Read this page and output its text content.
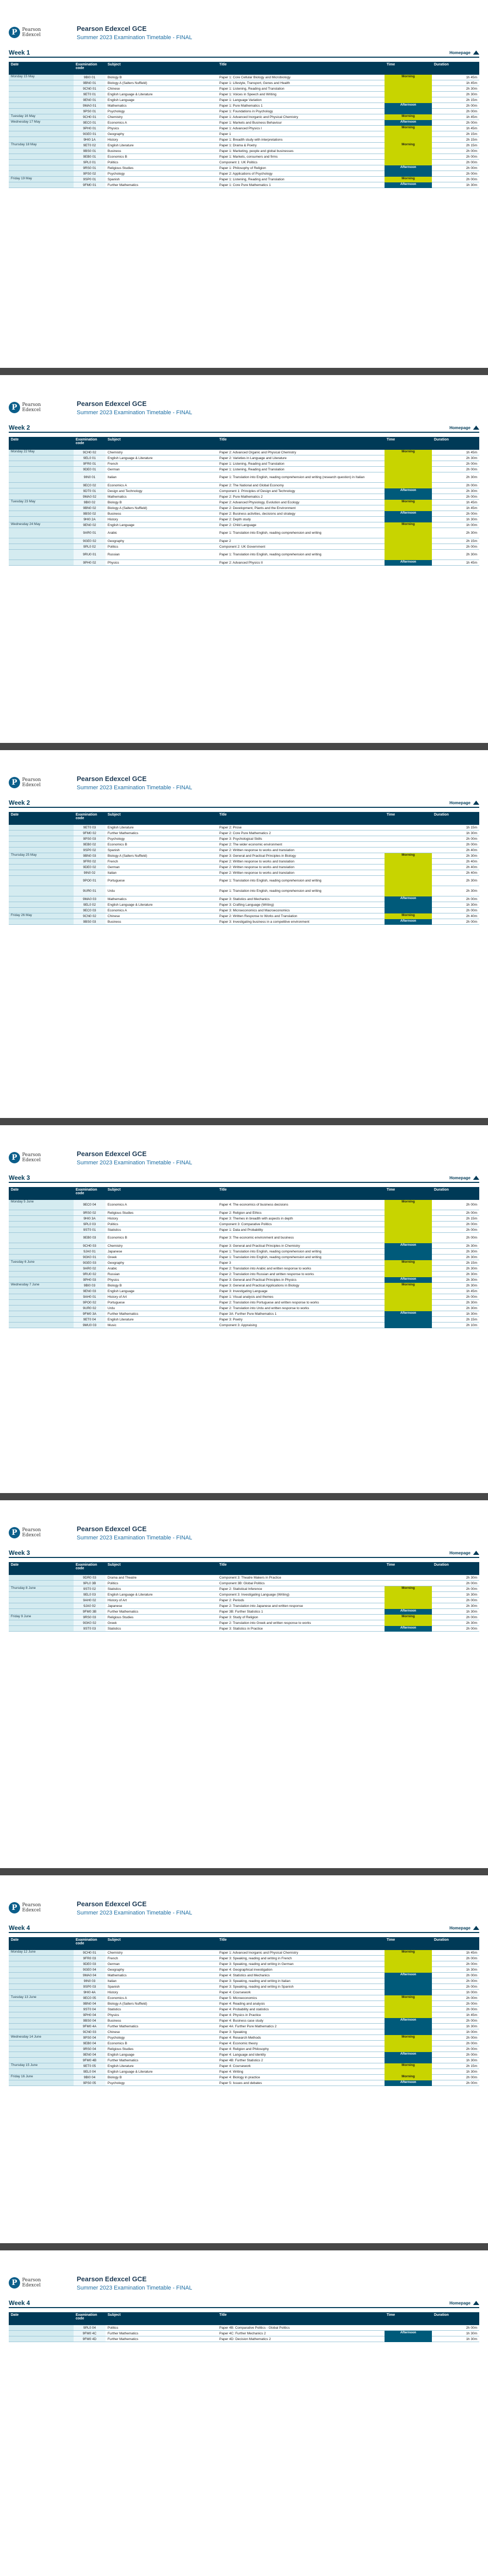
P	Pearson
Edexcel
Pearson Edexcel GCE
Summer 2023 Examination Timetable - FINAL
Week 1	Homepage
Date	Examination code	Subject	Title	Time	Duration
Monday 15 May	9BI0 01	Biology B	Paper 1: Core Cellular Biology and Microbiology	Morning	1h 45m
	9BN0 01	Biology A (Salters Nuffield)	Paper 1: Lifestyle, Transport, Genes and Health		1h 45m
	9CN0 01	Chinese	Paper 1: Listening, Reading and Translation		2h 30m
	9ET0 01	English Language & Literature	Paper 1: Voices in Speech and Writing		2h 30m
	9EN0 01	English Language	Paper 1: Language Variation		2h 15m
	9MA0 01	Mathematics	Paper 1: Pure Mathematics 1	Afternoon	2h 00m
	9PS0 01	Psychology	Paper 1: Foundations in Psychology		2h 00m
Tuesday 16 May	9CH0 01	Chemistry	Paper 1: Advanced Inorganic and Physical Chemistry	Morning	1h 45m
Wednesday 17 May	9EC0 01	Economics A	Paper 1: Markets and Business Behaviour	Afternoon	2h 00m
	9PH0 01	Physics	Paper 1: Advanced Physics I	Morning	1h 45m
	9GE0 01	Geography	Paper 1		2h 15m
	9HI0 1A	History	Paper 1: Breadth study with interpretations		2h 15m
Thursday 18 May	9ET0 02	English Literature	Paper 1: Drama & Poetry	Morning	2h 15m
	9BS0 01	Business	Paper 1: Marketing, people and global businesses		2h 00m
	9EB0 01	Economics B	Paper 1: Markets, consumers and firms		2h 00m
	9PL0 01	Politics	Component 1: UK Politics		2h 00m
	9RS0 01	Religious Studies	Paper 1: Philosophy of Religion	Afternoon	2h 00m
	9PS0 02	Psychology	Paper 2: Applications of Psychology		2h 00m
Friday 19 May	9SP0 01	Spanish	Paper 1: Listening, Reading and Translation	Morning	2h 00m
	9FM0 01	Further Mathematics	Paper 1: Core Pure Mathematics 1	Afternoon	1h 30m
P	Pearson
Edexcel
Pearson Edexcel GCE
Summer 2023 Examination Timetable - FINAL
Week 2	Homepage
Date	Examination code	Subject	Title	Time	Duration
Monday 22 May	9CH0 02	Chemistry	Paper 2: Advanced Organic and Physical Chemistry	Morning	1h 45m
	9EL0 01	English Language & Literature	Paper 2: Varieties in Language and Literature		2h 30m
	9FR0 01	French	Paper 1: Listening, Reading and Translation		2h 00m
	9DE0 01	German	Paper 1: Listening, Reading and Translation		2h 00m
	9IN0 01	Italian	Paper 1: Translation into English, reading comprehension and writing (research question) in Italian		2h 30m
	9EC0 02	Economics A	Paper 2: The National and Global Economy		2h 00m
	9DT0 01	Design and Technology	Component 1: Principles of Design and Technology	Afternoon	2h 30m
	9MA0 02	Mathematics	Paper 2: Pure Mathematics 2		2h 00m
Tuesday 23 May	9BI0 02	Biology B	Paper 2: Advanced Physiology, Evolution and Ecology	Morning	1h 45m
	9BN0 02	Biology A (Salters Nuffield)	Paper 2: Development, Plants and the Environment		1h 45m
	9BS0 02	Business	Paper 2: Business activities, decisions and strategy	Afternoon	2h 00m
	9HI0 2A	History	Paper 2: Depth study		1h 30m
Wednesday 24 May	9EN0 02	English Language	Paper 2: Child Language	Morning	1h 00m
	9AR0 01	Arabic	Paper 1: Translation into English, reading comprehension and writing		2h 30m
	9GE0 02	Geography	Paper 2		2h 15m
	9PL0 02	Politics	Component 2: UK Government		2h 00m
	9RU0 01	Russian	Paper 1: Translation into English, reading comprehension and writing		2h 30m
	9PH0 02	Physics	Paper 2: Advanced Physics II	Afternoon	1h 45m
P	Pearson
Edexcel
Pearson Edexcel GCE
Summer 2023 Examination Timetable - FINAL
Week 2	Homepage
Date	Examination code	Subject	Title	Time	Duration
	9ET0 03	English Literature	Paper 2: Prose		1h 15m
	9FM0 02	Further Mathematics	Paper 2: Core Pure Mathematics 2		1h 30m
	9PS0 03	Psychology	Paper 3: Psychological Skills		2h 00m
	9EB0 02	Economics B	Paper 2: The wider economic environment		2h 00m
	9SP0 02	Spanish	Paper 2: Written response to works and translation		2h 40m
Thursday 25 May	9BN0 03	Biology A (Salters Nuffield)	Paper 3: General and Practical Principles in Biology	Morning	2h 30m
	9FR0 02	French	Paper 2: Written response to works and translation		2h 40m
	9DE0 02	German	Paper 2: Written response to works and translation		2h 40m
	9IN0 02	Italian	Paper 2: Written response to works and translation		2h 40m
	9PO0 01	Portuguese	Paper 1: Translation into English, reading comprehension and writing		2h 30m
	9UR0 01	Urdu	Paper 1: Translation into English, reading comprehension and writing		2h 30m
	9MA0 03	Mathematics	Paper 3: Statistics and Mechanics	Afternoon	2h 00m
	9EL0 02	English Language & Literature	Paper 3: Crafting Language (Writing)		1h 30m
	9EC0 03	Economics A	Paper 3: Microeconomics and Macroeconomics		2h 00m
Friday 26 May	9CN0 02	Chinese	Paper 2: Written Response to Works and Translation	Morning	2h 40m
	9BS0 03	Business	Paper 3: Investigating business in a competitive environment	Afternoon	2h 00m
P	Pearson
Edexcel
Pearson Edexcel GCE
Summer 2023 Examination Timetable - FINAL
Week 3	Homepage
Date	Examination code	Subject	Title	Time	Duration
Monday 5 June	9EC0 04	Economics A	Paper 4: The economics of business decisions	Morning	2h 00m
	9RS0 02	Religious Studies	Paper 2: Religion and Ethics		2h 00m
	9HI0 3A	History	Paper 3: Themes in breadth with aspects in depth		2h 15m
	9PL0 03	Politics	Component 3: Comparative Politics		2h 00m
	9ST0 01	Statistics	Paper 1: Data and Probability		2h 00m
	9EB0 03	Economics B	Paper 3: The economic environment and business		2h 00m
	9CH0 03	Chemistry	Paper 3: General and Practical Principles in Chemistry	Afternoon	2h 30m
	9JA0 01	Japanese	Paper 1: Translation into English, reading comprehension and writing		2h 30m
	9GK0 01	Greek	Paper 1: Translation into English, reading comprehension and writing		2h 30m
Tuesday 6 June	9GE0 03	Geography	Paper 3	Morning	2h 15m
	9AR0 02	Arabic	Paper 2: Translation into Arabic and written response to works		2h 30m
	9RU0 02	Russian	Paper 2: Translation into Russian and written response to works		2h 30m
	9PH0 03	Physics	Paper 3: General and Practical Principles in Physics	Afternoon	2h 30m
Wednesday 7 June	9BI0 03	Biology B	Paper 3: General and Practical Applications in Biology	Morning	2h 30m
	9EN0 03	English Language	Paper 3: Investigating Language		1h 45m
	9AH0 01	History of Art	Paper 1: Visual analysis and themes		2h 00m
	9PO0 02	Portuguese	Paper 2: Translation into Portuguese and written response to works		2h 30m
	9UR0 02	Urdu	Paper 2: Translation into Urdu and written response to works		2h 30m
	9FM0 3A	Further Mathematics	Paper 3A: Further Pure Mathematics 1	Afternoon	1h 30m
	9ET0 04	English Literature	Paper 3: Poetry		2h 15m
	9MU0 03	Music	Component 3: Appraising		2h 10m
P	Pearson
Edexcel
Pearson Edexcel GCE
Summer 2023 Examination Timetable - FINAL
Week 3	Homepage
Date	Examination code	Subject	Title	Time	Duration
	9DR0 03	Drama and Theatre	Component 3: Theatre Makers in Practice		2h 30m
	9PL0 3B	Politics	Component 3B: Global Politics		2h 00m
Thursday 8 June	9ST0 02	Statistics	Paper 2: Statistical Inference	Morning	2h 00m
	9EL0 03	English Language & Literature	Component 3: Investigating Language (Writing)		1h 30m
	9AH0 02	History of Art	Paper 2: Periods		2h 00m
	9JA0 02	Japanese	Paper 2: Translation into Japanese and written response		2h 30m
	9FM0 3B	Further Mathematics	Paper 3B: Further Statistics 1	Afternoon	1h 30m
Friday 9 June	9RS0 03	Religious Studies	Paper 3: Study of Religion	Morning	2h 00m
	9GK0 02	Greek	Paper 2: Translation into Greek and written response to works		2h 30m
	9ST0 03	Statistics	Paper 3: Statistics in Practice	Afternoon	2h 00m
P	Pearson
Edexcel
Pearson Edexcel GCE
Summer 2023 Examination Timetable - FINAL
Week 4	Homepage
Date	Examination code	Subject	Title	Time	Duration
Monday 12 June	9CH0 01	Chemistry	Paper 1: Advanced Inorganic and Physical Chemistry	Morning	1h 45m
	9FR0 03	French	Paper 3: Speaking, reading and writing in French		2h 00m
	9DE0 03	German	Paper 3: Speaking, reading and writing in German		2h 00m
	9GE0 04	Geography	Paper 4: Geographical investigation		1h 30m
	9MA0 04	Mathematics	Paper 4: Statistics and Mechanics	Afternoon	2h 00m
	9IN0 03	Italian	Paper 3: Speaking, reading and writing in Italian		2h 00m
	9SP0 03	Spanish	Paper 3: Speaking, reading and writing in Spanish		2h 00m
	9HI0 4A	History	Paper 4: Coursework		1h 00m
Tuesday 13 June	9EC0 05	Economics A	Paper 5: Microeconomics	Morning	2h 00m
	9BN0 04	Biology A (Salters Nuffield)	Paper 4: Reading and analysis		2h 00m
	9ST0 04	Statistics	Paper 4: Probability and statistics		2h 00m
	9PH0 04	Physics	Paper 4: Physics in Practice		1h 45m
	9BS0 04	Business	Paper 4: Business case study	Afternoon	2h 00m
	9FM0 4A	Further Mathematics	Paper 4A: Further Pure Mathematics 2		1h 30m
	9CN0 03	Chinese	Paper 3: Speaking		1h 00m
Wednesday 14 June	9PS0 04	Psychology	Paper 4: Research Methods	Morning	2h 00m
	9EB0 04	Economics B	Paper 4: Economic theory		2h 00m
	9RS0 04	Religious Studies	Paper 4: Religion and Philosophy		2h 00m
	9EN0 04	English Language	Paper 4: Language and identity	Afternoon	2h 00m
	9FM0 4B	Further Mathematics	Paper 4B: Further Statistics 2		1h 30m
Thursday 15 June	9ET0 05	English Literature	Paper 4: Coursework	Morning	2h 15m
	9EL0 04	English Language & Literature	Paper 4: Writing		1h 30m
Friday 16 June	9BI0 04	Biology B	Paper 4: Biology in practice	Morning	2h 00m
	9PS0 05	Psychology	Paper 5: Issues and debates	Afternoon	2h 00m
P	Pearson
Edexcel
Pearson Edexcel GCE
Summer 2023 Examination Timetable - FINAL
Week 4	Homepage
Date	Examination code	Subject	Title	Time	Duration
	9PL0 04	Politics	Paper 4B: Comparative Politics - Global Politics		2h 00m
	9FM0 4C	Further Mathematics	Paper 4C: Further Mechanics 2	Afternoon	1h 30m
	9FM0 4D	Further Mathematics	Paper 4D: Decision Mathematics 2		1h 30m
